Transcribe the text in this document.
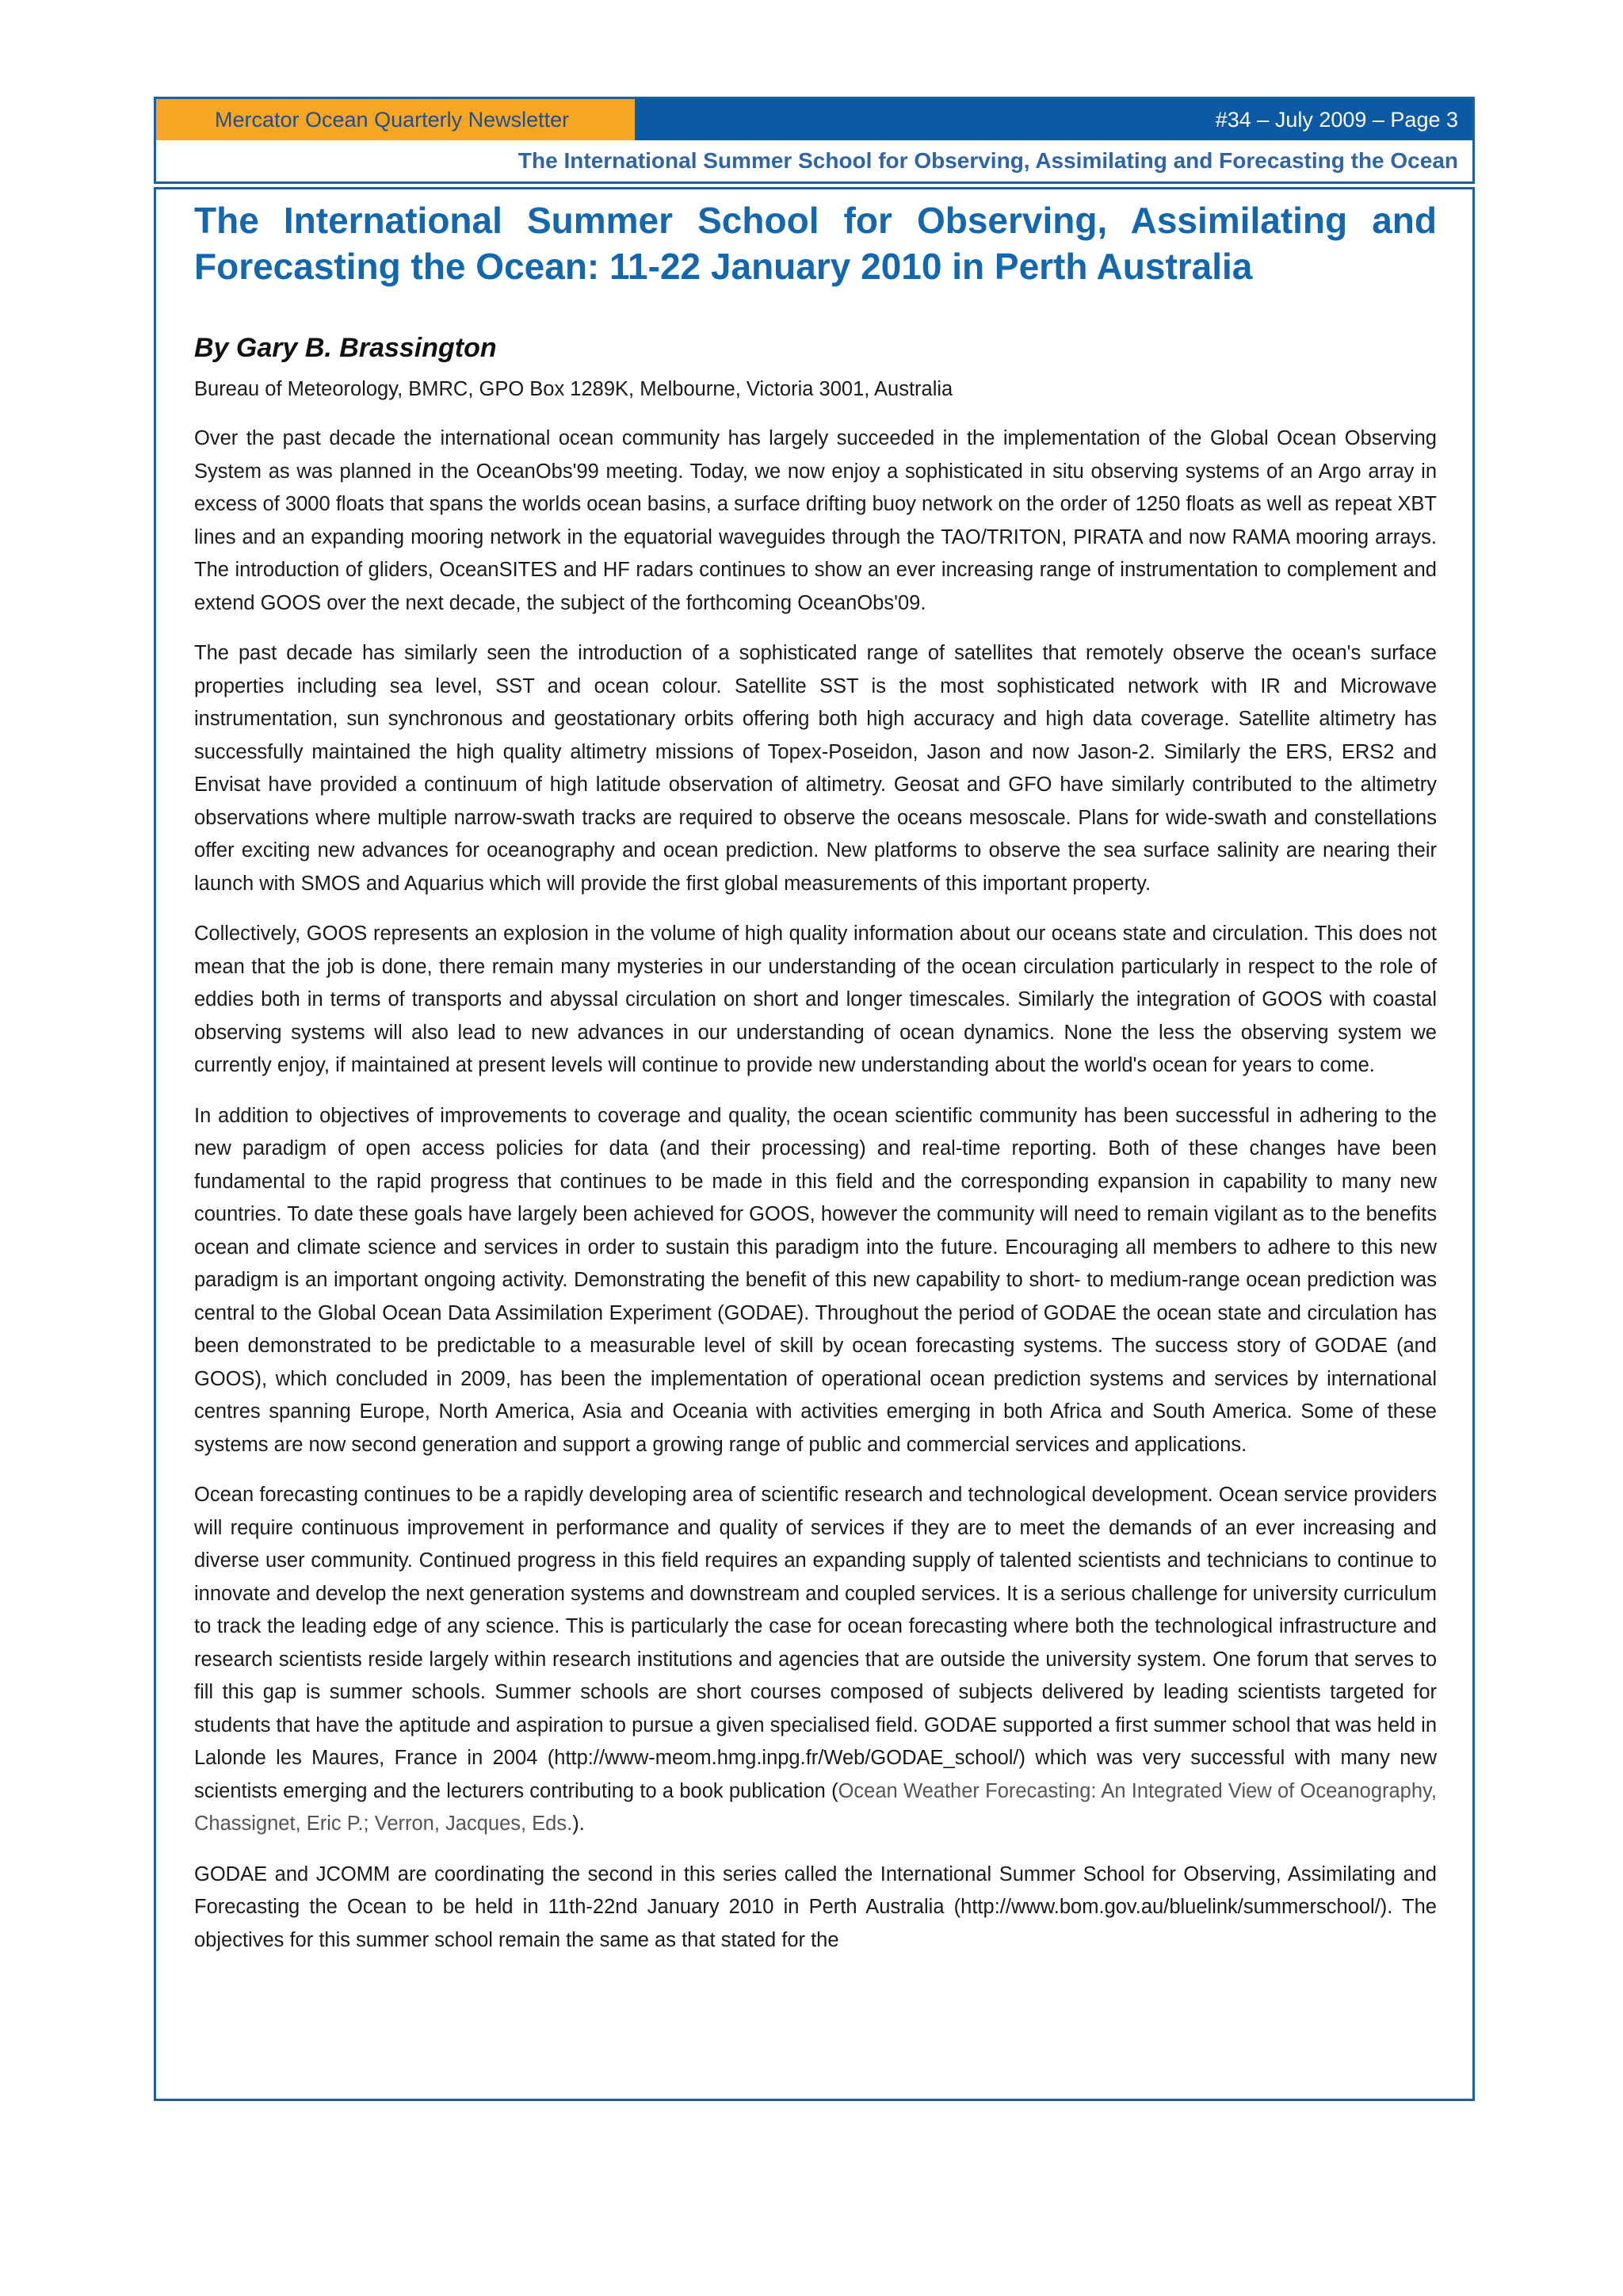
Mercator Ocean Quarterly Newsletter	#34 – July 2009 – Page 3
The International Summer School for Observing, Assimilating and Forecasting the Ocean
The International Summer School for Observing, Assimilating and Forecasting the Ocean: 11-22 January 2010 in Perth Australia
By Gary B. Brassington
Bureau of Meteorology, BMRC, GPO Box 1289K, Melbourne, Victoria 3001, Australia

Over the past decade the international ocean community has largely succeeded in the implementation of the Global Ocean Observing System as was planned in the OceanObs'99 meeting. Today, we now enjoy a sophisticated in situ observing systems of an Argo array in excess of 3000 floats that spans the worlds ocean basins, a surface drifting buoy network on the order of 1250 floats as well as repeat XBT lines and an expanding mooring network in the equatorial waveguides through the TAO/TRITON, PIRATA and now RAMA mooring arrays. The introduction of gliders, OceanSITES and HF radars continues to show an ever increasing range of instrumentation to complement and extend GOOS over the next decade, the subject of the forthcoming OceanObs'09.

The past decade has similarly seen the introduction of a sophisticated range of satellites that remotely observe the ocean's surface properties including sea level, SST and ocean colour. Satellite SST is the most sophisticated network with IR and Microwave instrumentation, sun synchronous and geostationary orbits offering both high accuracy and high data coverage. Satellite altimetry has successfully maintained the high quality altimetry missions of Topex-Poseidon, Jason and now Jason-2. Similarly the ERS, ERS2 and Envisat have provided a continuum of high latitude observation of altimetry. Geosat and GFO have similarly contributed to the altimetry observations where multiple narrow-swath tracks are required to observe the oceans mesoscale. Plans for wide-swath and constellations offer exciting new advances for oceanography and ocean prediction. New platforms to observe the sea surface salinity are nearing their launch with SMOS and Aquarius which will provide the first global measurements of this important property.

Collectively, GOOS represents an explosion in the volume of high quality information about our oceans state and circulation. This does not mean that the job is done, there remain many mysteries in our understanding of the ocean circulation particularly in respect to the role of eddies both in terms of transports and abyssal circulation on short and longer timescales. Similarly the integration of GOOS with coastal observing systems will also lead to new advances in our understanding of ocean dynamics. None the less the observing system we currently enjoy, if maintained at present levels will continue to provide new understanding about the world's ocean for years to come.

In addition to objectives of improvements to coverage and quality, the ocean scientific community has been successful in adhering to the new paradigm of open access policies for data (and their processing) and real-time reporting. Both of these changes have been fundamental to the rapid progress that continues to be made in this field and the corresponding expansion in capability to many new countries. To date these goals have largely been achieved for GOOS, however the community will need to remain vigilant as to the benefits ocean and climate science and services in order to sustain this paradigm into the future. Encouraging all members to adhere to this new paradigm is an important ongoing activity. Demonstrating the benefit of this new capability to short- to medium-range ocean prediction was central to the Global Ocean Data Assimilation Experiment (GODAE). Throughout the period of GODAE the ocean state and circulation has been demonstrated to be predictable to a measurable level of skill by ocean forecasting systems. The success story of GODAE (and GOOS), which concluded in 2009, has been the implementation of operational ocean prediction systems and services by international centres spanning Europe, North America, Asia and Oceania with activities emerging in both Africa and South America. Some of these systems are now second generation and support a growing range of public and commercial services and applications.

Ocean forecasting continues to be a rapidly developing area of scientific research and technological development. Ocean service providers will require continuous improvement in performance and quality of services if they are to meet the demands of an ever increasing and diverse user community. Continued progress in this field requires an expanding supply of talented scientists and technicians to continue to innovate and develop the next generation systems and downstream and coupled services. It is a serious challenge for university curriculum to track the leading edge of any science. This is particularly the case for ocean forecasting where both the technological infrastructure and research scientists reside largely within research institutions and agencies that are outside the university system. One forum that serves to fill this gap is summer schools. Summer schools are short courses composed of subjects delivered by leading scientists targeted for students that have the aptitude and aspiration to pursue a given specialised field. GODAE supported a first summer school that was held in Lalonde les Maures, France in 2004 (http://www-meom.hmg.inpg.fr/Web/GODAE_school/) which was very successful with many new scientists emerging and the lecturers contributing to a book publication (Ocean Weather Forecasting: An Integrated View of Oceanography, Chassignet, Eric P.; Verron, Jacques, Eds.).

GODAE and JCOMM are coordinating the second in this series called the International Summer School for Observing, Assimilating and Forecasting the Ocean to be held in 11th-22nd January 2010 in Perth Australia (http://www.bom.gov.au/bluelink/summerschool/). The objectives for this summer school remain the same as that stated for the
